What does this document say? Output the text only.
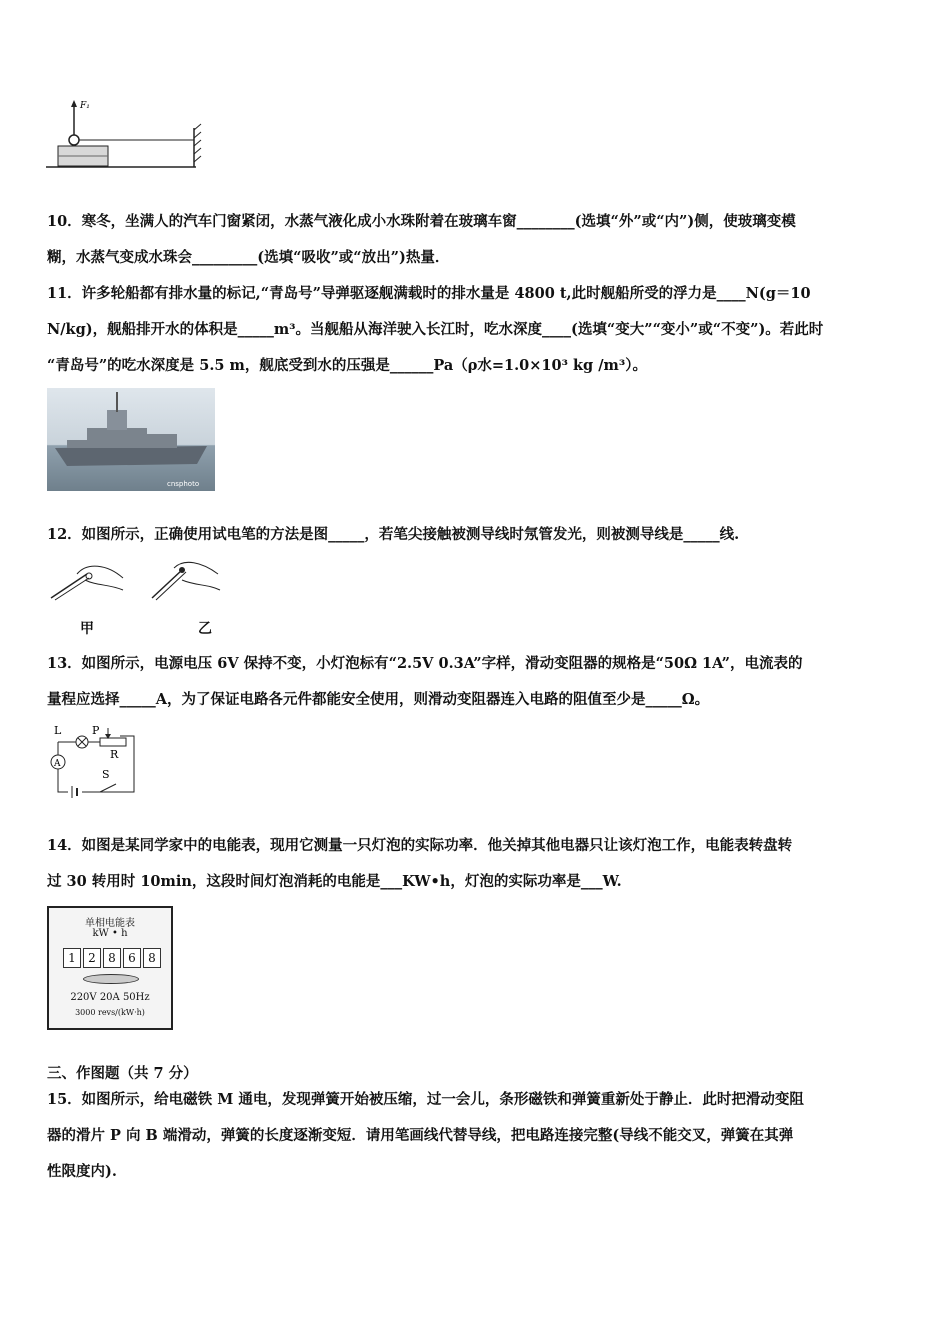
F₁
10．寒冬，坐满人的汽车门窗紧闭，水蒸气液化成小水珠附着在玻璃车窗________(选填“外”或“内”)侧，使玻璃变模
糊，水蒸气变成水珠会_________(选填“吸收”或“放出”)热量．
11．许多轮船都有排水量的标记,“青岛号”导弹驱逐舰满载时的排水量是 4800 t,此时舰船所受的浮力是____N(g＝10
N/kg)，舰船排开水的体积是_____m³。当舰船从海洋驶入长江时，吃水深度____(选填“变大”“变小”或“不变”)。若此时
“青岛号”的吃水深度是 5.5 m，舰底受到水的压强是______Pa（ρ水=1.0×10³ kg /m³）。
cnsphoto
12．如图所示，正确使用试电笔的方法是图_____，若笔尖接触被测导线时氖管发光，则被测导线是_____线.
甲	乙
13．如图所示，电源电压 6V 保持不变，小灯泡标有“2.5V 0.3A”字样，滑动变阻器的规格是“50Ω 1A”，电流表的
量程应选择_____A，为了保证电路各元件都能安全使用，则滑动变阻器连入电路的阻值至少是_____Ω。
A
L	P
R
S
14．如图是某同学家中的电能表，现用它测量一只灯泡的实际功率．他关掉其他电器只让该灯泡工作，电能表转盘转
过 30 转用时 10min，这段时间灯泡消耗的电能是___KW•h，灯泡的实际功率是___W.
单相电能表
kW • h
1	2	8	6	8
220V 20A 50Hz
3000 revs/(kW·h)
三、作图题（共 7 分）
15．如图所示，给电磁铁 M 通电，发现弹簧开始被压缩，过一会儿，条形磁铁和弹簧重新处于静止．此时把滑动变阻
器的滑片 P 向 B 端滑动，弹簧的长度逐渐变短．请用笔画线代替导线，把电路连接完整(导线不能交叉，弹簧在其弹
性限度内).
